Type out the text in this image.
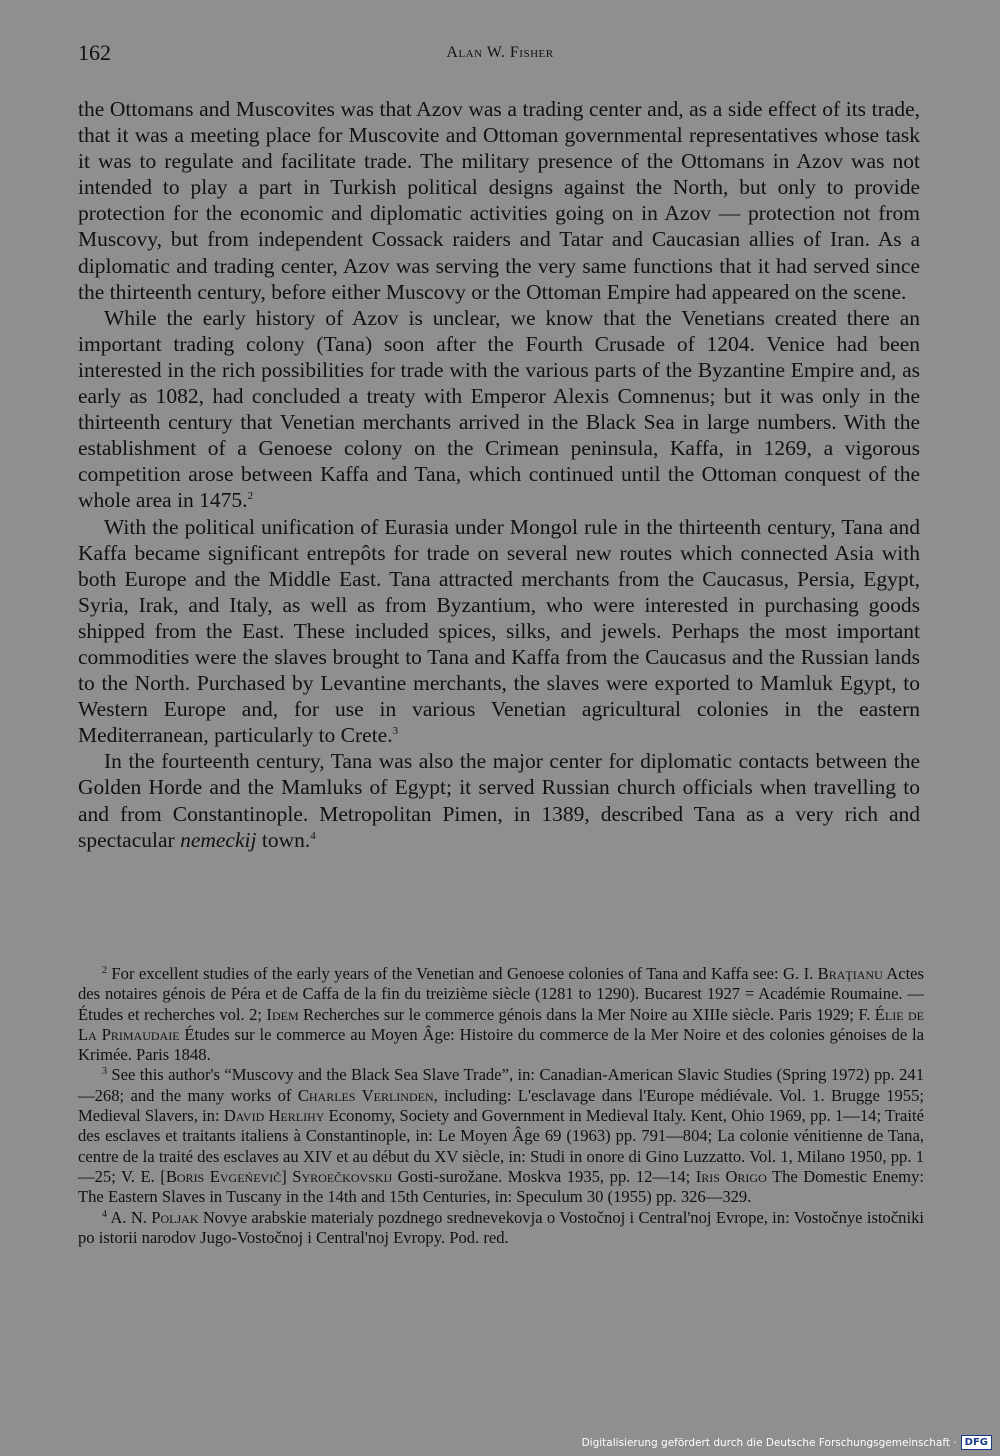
162	Alan W. Fisher

the Ottomans and Muscovites was that Azov was a trading center and, as a side effect of its trade, that it was a meeting place for Muscovite and Ottoman governmental representatives whose task it was to regulate and facilitate trade. The military presence of the Ottomans in Azov was not intended to play a part in Turkish political designs against the North, but only to provide protection for the economic and diplomatic activities going on in Azov — protection not from Muscovy, but from independent Cossack raiders and Tatar and Caucasian allies of Iran. As a diplomatic and trading center, Azov was serving the very same functions that it had served since the thirteenth century, before either Muscovy or the Ottoman Empire had appeared on the scene.

While the early history of Azov is unclear, we know that the Venetians created there an important trading colony (Tana) soon after the Fourth Crusade of 1204. Venice had been interested in the rich possibilities for trade with the various parts of the Byzantine Empire and, as early as 1082, had concluded a treaty with Emperor Alexis Comnenus; but it was only in the thirteenth century that Venetian merchants arrived in the Black Sea in large numbers. With the establishment of a Genoese colony on the Crimean peninsula, Kaffa, in 1269, a vigorous competition arose between Kaffa and Tana, which continued until the Ottoman conquest of the whole area in 1475.$^2$

With the political unification of Eurasia under Mongol rule in the thirteenth century, Tana and Kaffa became significant entrepôts for trade on several new routes which connected Asia with both Europe and the Middle East. Tana attracted merchants from the Caucasus, Persia, Egypt, Syria, Irak, and Italy, as well as from Byzantium, who were interested in purchasing goods shipped from the East. These included spices, silks, and jewels. Perhaps the most important commodities were the slaves brought to Tana and Kaffa from the Caucasus and the Russian lands to the North. Purchased by Levantine merchants, the slaves were exported to Mamluk Egypt, to Western Europe and, for use in various Venetian agricultural colonies in the eastern Mediterranean, particularly to Crete.$^3$

In the fourteenth century, Tana was also the major center for diplomatic contacts between the Golden Horde and the Mamluks of Egypt; it served Russian church officials when travelling to and from Constantinople. Metropolitan Pimen, in 1389, described Tana as a very rich and spectacular nemeckij town.$^4$

$^2$ For excellent studies of the early years of the Venetian and Genoese colonies of Tana and Kaffa see: G. I. Brаţianu Actes des notaires génois de Péra et de Caffa de la fin du treizième siècle (1281 to 1290). Bucarest 1927 = Académie Roumaine. — Études et recherches vol. 2; Idem Recherches sur le commerce génois dans la Mer Noire au XIIIe siècle. Paris 1929; F. Élie de La Primaudaie Études sur le commerce au Moyen Âge: Histoire du commerce de la Mer Noire et des colonies génoises de la Krimée. Paris 1848.

$^3$ See this author's “Muscovy and the Black Sea Slave Trade”, in: Canadian-American Slavic Studies (Spring 1972) pp. 241—268; and the many works of Charles Verlinden, including: L'esclavage dans l'Europe médiévale. Vol. 1. Brugge 1955; Medieval Slavers, in: David Herlihy Economy, Society and Government in Medieval Italy. Kent, Ohio 1969, pp. 1—14; Traité des esclaves et traitants italiens à Constantinople, in: Le Moyen Âge 69 (1963) pp. 791—804; La colonie vénitienne de Tana, centre de la traité des esclaves au XIV et au début du XV siècle, in: Studi in onore di Gino Luzzatto. Vol. 1, Milano 1950, pp. 1—25; V. E. [Boris Evgeńevič] Syroečkovskij Gosti-surožane. Moskva 1935, pp. 12—14; Iris Origo The Domestic Enemy: The Eastern Slaves in Tuscany in the 14th and 15th Centuries, in: Speculum 30 (1955) pp. 326—329.

$^4$ A. N. Poljak Novye arabskie materialy pozdnego srednevekovja o Vostočnoj i Central'noj Evrope, in: Vostočnye istočniki po istorii narodov Jugo-Vostočnoj i Central'noj Evropy. Pod. red.

Digitalisierung gefördert durch die Deutsche Forschungsgemeinschaft · DFG
